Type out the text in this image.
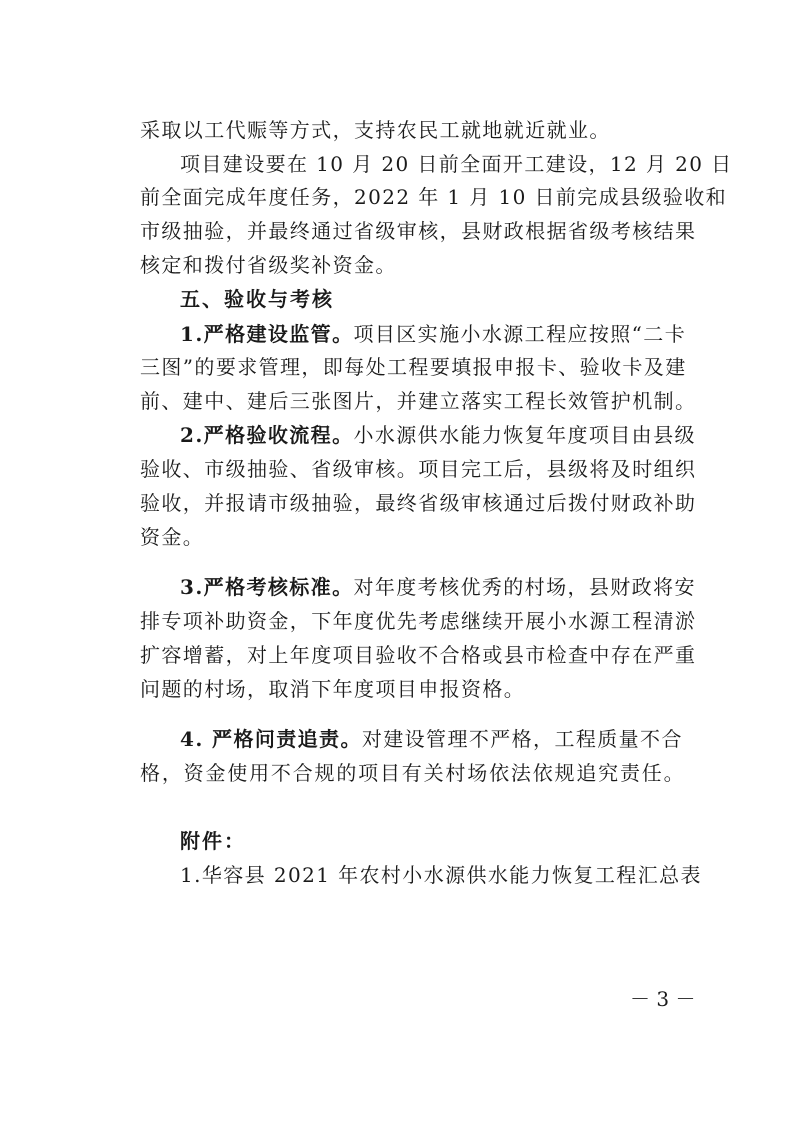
采取以工代赈等方式，支持农民工就地就近就业。
项目建设要在 10 月 20 日前全面开工建设，12 月 20 日
前全面完成年度任务，2022 年 1 月 10 日前完成县级验收和
市级抽验，并最终通过省级审核，县财政根据省级考核结果
核定和拨付省级奖补资金。
五、验收与考核
1.严格建设监管。项目区实施小水源工程应按照“二卡
三图”的要求管理，即每处工程要填报申报卡、验收卡及建
前、建中、建后三张图片，并建立落实工程长效管护机制。
2.严格验收流程。小水源供水能力恢复年度项目由县级
验收、市级抽验、省级审核。项目完工后，县级将及时组织
验收，并报请市级抽验，最终省级审核通过后拨付财政补助
资金。
3.严格考核标准。对年度考核优秀的村场，县财政将安
排专项补助资金，下年度优先考虑继续开展小水源工程清淤
扩容增蓄，对上年度项目验收不合格或县市检查中存在严重
问题的村场，取消下年度项目申报资格。
4. 严格问责追责。对建设管理不严格，工程质量不合
格，资金使用不合规的项目有关村场依法依规追究责任。
附件：
1.华容县 2021 年农村小水源供水能力恢复工程汇总表
－ 3 －
